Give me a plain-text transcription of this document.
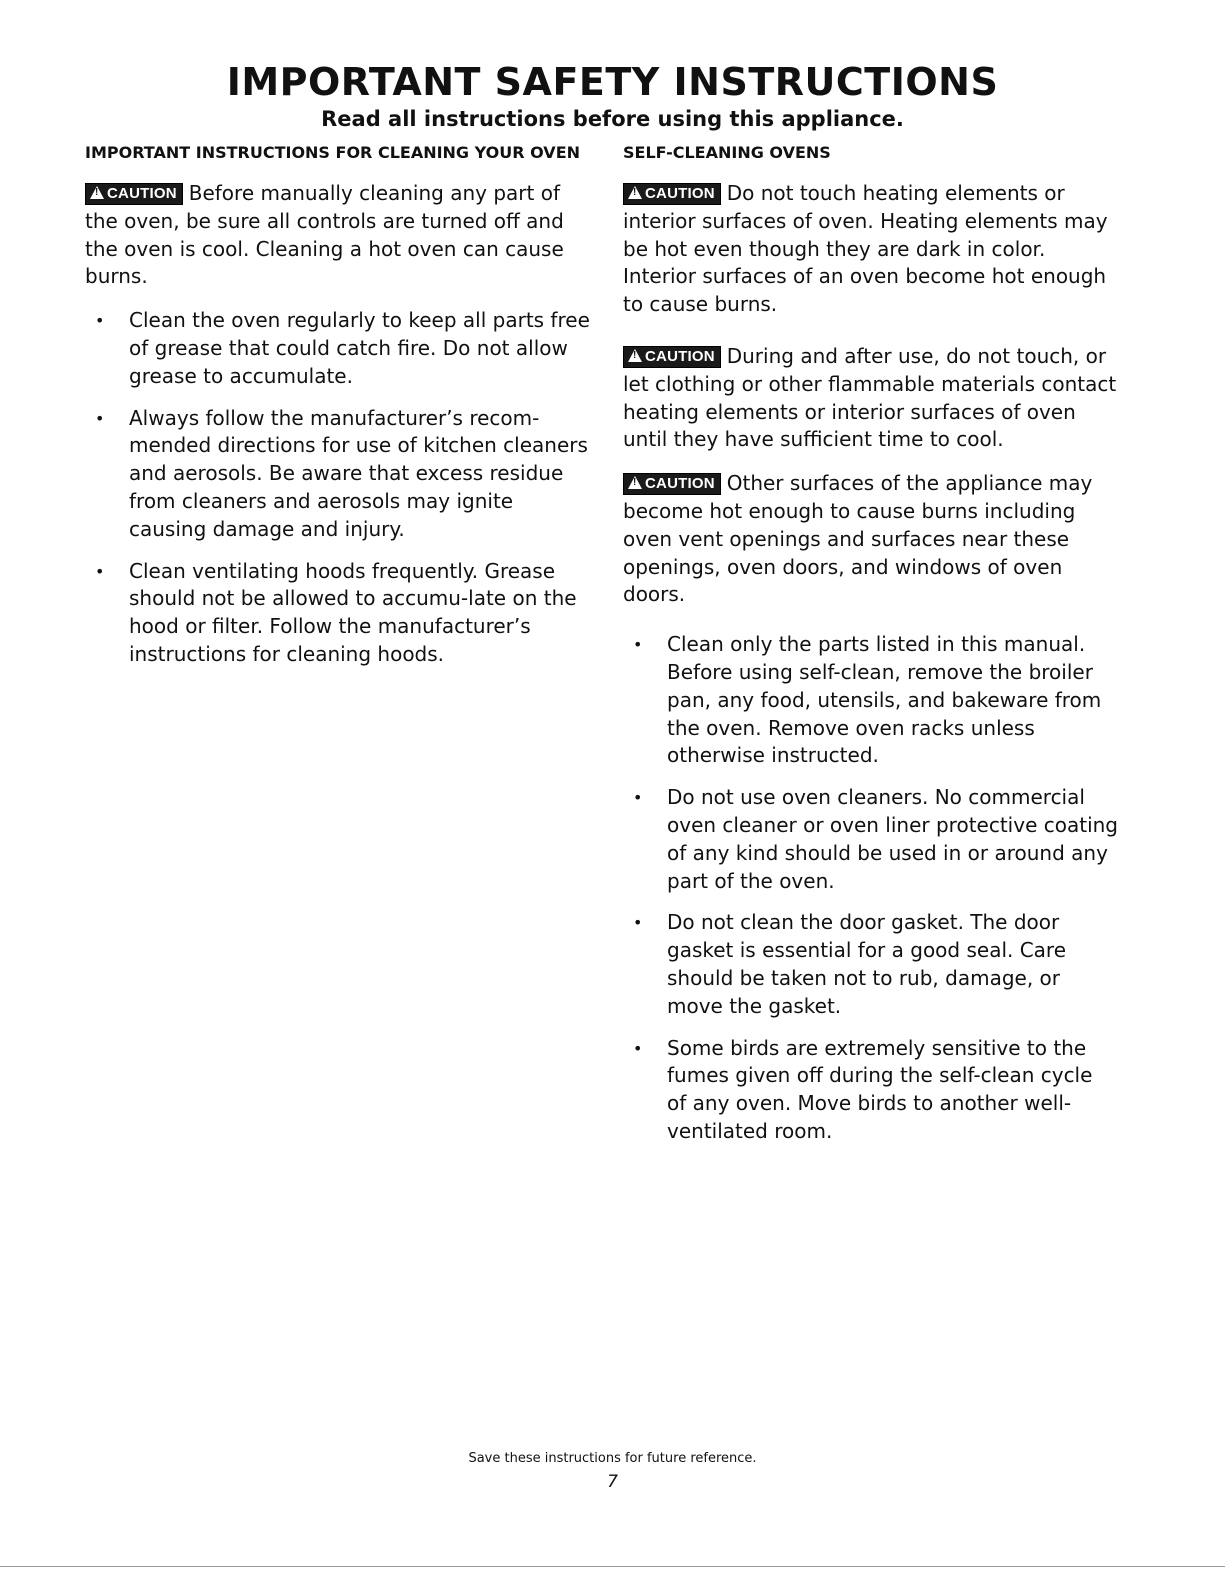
IMPORTANT SAFETY INSTRUCTIONS

Read all instructions before using this appliance.

IMPORTANT INSTRUCTIONS FOR CLEANING YOUR OVEN

!CAUTION Before manually cleaning any part of the oven, be sure all controls are turned off and the oven is cool. Cleaning a hot oven can cause burns.

• Clean the oven regularly to keep all parts free of grease that could catch fire. Do not allow grease to accumulate.
• Always follow the manufacturer’s recom-mended directions for use of kitchen cleaners and aerosols. Be aware that excess residue from cleaners and aerosols may ignite causing damage and injury.
• Clean ventilating hoods frequently. Grease should not be allowed to accumu-late on the hood or filter. Follow the manufacturer’s instructions for cleaning hoods.

SELF-CLEANING OVENS

!CAUTION Do not touch heating elements or interior surfaces of oven. Heating elements may be hot even though they are dark in color. Interior surfaces of an oven become hot enough to cause burns.

!CAUTION During and after use, do not touch, or let clothing or other flammable materials contact heating elements or interior surfaces of oven until they have sufficient time to cool.

!CAUTION Other surfaces of the appliance may become hot enough to cause burns including oven vent openings and surfaces near these openings, oven doors, and windows of oven doors.

• Clean only the parts listed in this manual. Before using self-clean, remove the broiler pan, any food, utensils, and bakeware from the oven. Remove oven racks unless otherwise instructed.
• Do not use oven cleaners. No commercial oven cleaner or oven liner protective coating of any kind should be used in or around any part of the oven.
• Do not clean the door gasket. The door gasket is essential for a good seal. Care should be taken not to rub, damage, or move the gasket.
• Some birds are extremely sensitive to the fumes given off during the self-clean cycle of any oven. Move birds to another well-ventilated room.

Save these instructions for future reference.

7
